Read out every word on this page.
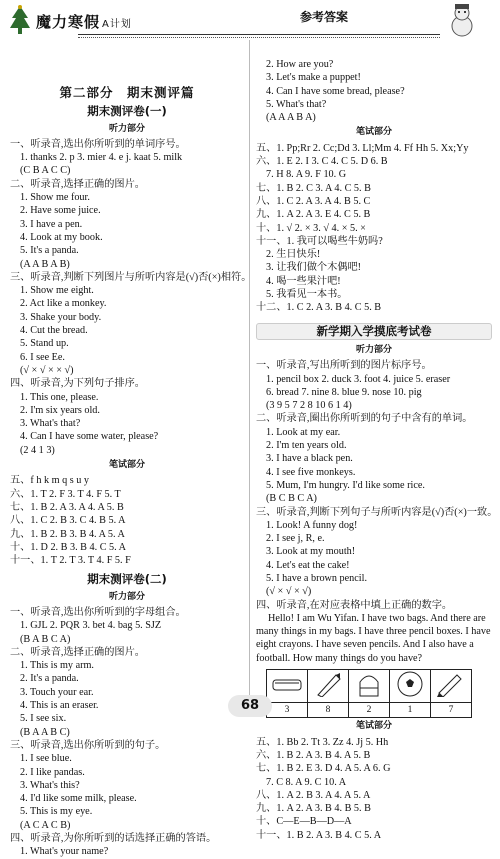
魔力寒假 A计划	参考答案
第二部分　期末测评篇
期末测评卷(一)
听力部分
一、听录音,选出你所听到的单词序号。
1. thanks 2. p 3. mier 4. e j. kaat 5. milk
(C B A C C)
二、听录音,选择正确的图片。
1. Show me four.
2. Have some juice.
3. I have a pen.
4. Look at my book.
5. It's a panda.
(A A B A B)
三、听录音,判断下列图片与所听内容是(√)否(×)相符。
1. Show me eight.
2. Act like a monkey.
3. Shake your body.
4. Cut the bread.
5. Stand up.
6. I see Ee.
(√ × √ × × √)
四、听录音,为下列句子排序。
1. This one, please.
2. I'm six years old.
3. What's that?
4. Can I have some water, please?
(2 4 1 3)
笔试部分
五、f h k m q s u y
六、1. T 2. F 3. T 4. F 5. T
七、1. B 2. A 3. A 4. A 5. B
八、1. C 2. B 3. C 4. B 5. A
九、1. B 2. B 3. B 4. A 5. A
十、1. D 2. B 3. B 4. C 5. A
十一、1. T 2. T 3. T 4. F 5. F
期末测评卷(二)
听力部分
一、听录音,选出你所听到的字母组合。
1. GJL 2. PQR 3. bet 4. bag 5. SJZ
(B A B C A)
二、听录音,选择正确的图片。
1. This is my arm.
2. It's a panda.
3. Touch your ear.
4. This is an eraser.
5. I see six.
(B A A B C)
三、听录音,选出你所听到的句子。
1. I see blue.
2. I like pandas.
3. What's this?
4. I'd like some milk, please.
5. This is my eye.
(A C A C B)
四、听录音,为你所听到的话选择正确的答语。
1. What's your name?
2. How are you?
3. Let's make a puppet!
4. Can I have some bread, please?
5. What's that?
(A A A B A)
笔试部分
五、1. Pp;Rr 2. Cc;Dd 3. Ll;Mm 4. Ff Hh 5. Xx;Yy
六、1. E 2. I 3. C 4. C 5. D 6. B
7. H 8. A 9. F 10. G
七、1. B 2. C 3. A 4. C 5. B
八、1. C 2. A 3. A 4. B 5. C
九、1. A 2. A 3. E 4. C 5. B
十、1. √ 2. × 3. √ 4. × 5. ×
十一、1. 我可以喝些牛奶吗?
2. 生日快乐!
3. 让我们做个木偶吧!
4. 喝一些果汁吧!
5. 我看见一本书。
十二、1. C 2. A 3. B 4. C 5. B
新学期入学摸底考试卷
听力部分
一、听录音,写出所听到的图片标序号。
1. pencil box 2. duck 3. foot 4. juice 5. eraser
6. bread 7. nine 8. blue 9. nose 10. pig
(3 9 5 7 2 8 10 6 1 4)
二、听录音,圈出你所听到的句子中含有的单词。
1. Look at my ear.
2. I'm ten years old.
3. I have a black pen.
4. I see five monkeys.
5. Mum, I'm hungry. I'd like some rice.
(B C B C A)
三、听录音,判断下列句子与所听内容是(√)否(×)一致。
1. Look! A funny dog!
2. I see j, R, e.
3. Look at my mouth!
4. Let's eat the cake!
5. I have a brown pencil.
(√ × √ × √)
四、听录音,在对应表格中填上正确的数字。
Hello! I am Wu Yifan. I have two bags. And there are many things in my bags. I have three pencil boxes. I have eight crayons. I have seven pencils. And I also have a football. How many things do you have?

3	8	2	1	7
笔试部分
五、1. Bb 2. Tt 3. Zz 4. Jj 5. Hh
六、1. B 2. A 3. B 4. A 5. B
七、1. B 2. E 3. D 4. A 5. A 6. G
7. C 8. A 9. C 10. A
八、1. A 2. B 3. A 4. A 5. A
九、1. A 2. A 3. B 4. B 5. B
十、C—E—B—D—A
十一、1. B 2. A 3. B 4. C 5. A
68
